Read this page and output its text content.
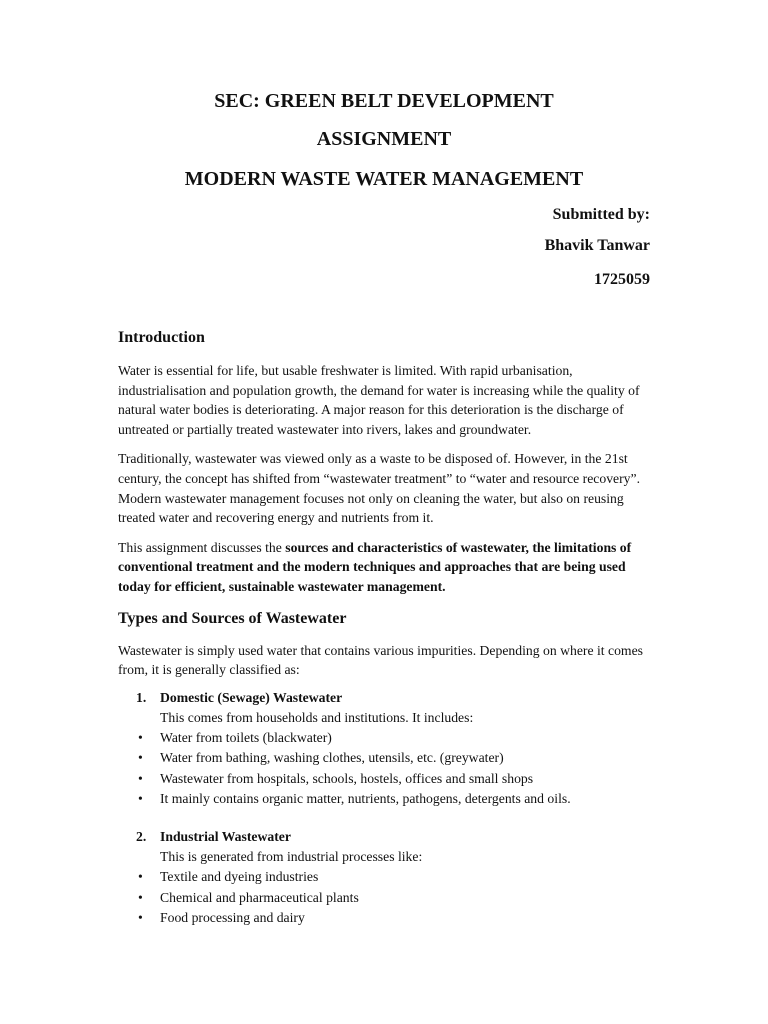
SEC: GREEN BELT DEVELOPMENT

ASSIGNMENT

MODERN WASTE WATER MANAGEMENT

Submitted by:

Bhavik Tanwar

1725059

Introduction

Water is essential for life, but usable freshwater is limited. With rapid urbanisation, industrialisation and population growth, the demand for water is increasing while the quality of natural water bodies is deteriorating. A major reason for this deterioration is the discharge of untreated or partially treated wastewater into rivers, lakes and groundwater.

Traditionally, wastewater was viewed only as a waste to be disposed of. However, in the 21st century, the concept has shifted from “wastewater treatment” to “water and resource recovery”. Modern wastewater management focuses not only on cleaning the water, but also on reusing treated water and recovering energy and nutrients from it.

This assignment discusses the sources and characteristics of wastewater, the limitations of conventional treatment and the modern techniques and approaches that are being used today for efficient, sustainable wastewater management.

Types and Sources of Wastewater

Wastewater is simply used water that contains various impurities. Depending on where it comes from, it is generally classified as:

1.	Domestic (Sewage) Wastewater
This comes from households and institutions. It includes:
•	Water from toilets (blackwater)
•	Water from bathing, washing clothes, utensils, etc. (greywater)
•	Wastewater from hospitals, schools, hostels, offices and small shops
•	It mainly contains organic matter, nutrients, pathogens, detergents and oils.
2.	Industrial Wastewater
This is generated from industrial processes like:
•	Textile and dyeing industries
•	Chemical and pharmaceutical plants
•	Food processing and dairy
